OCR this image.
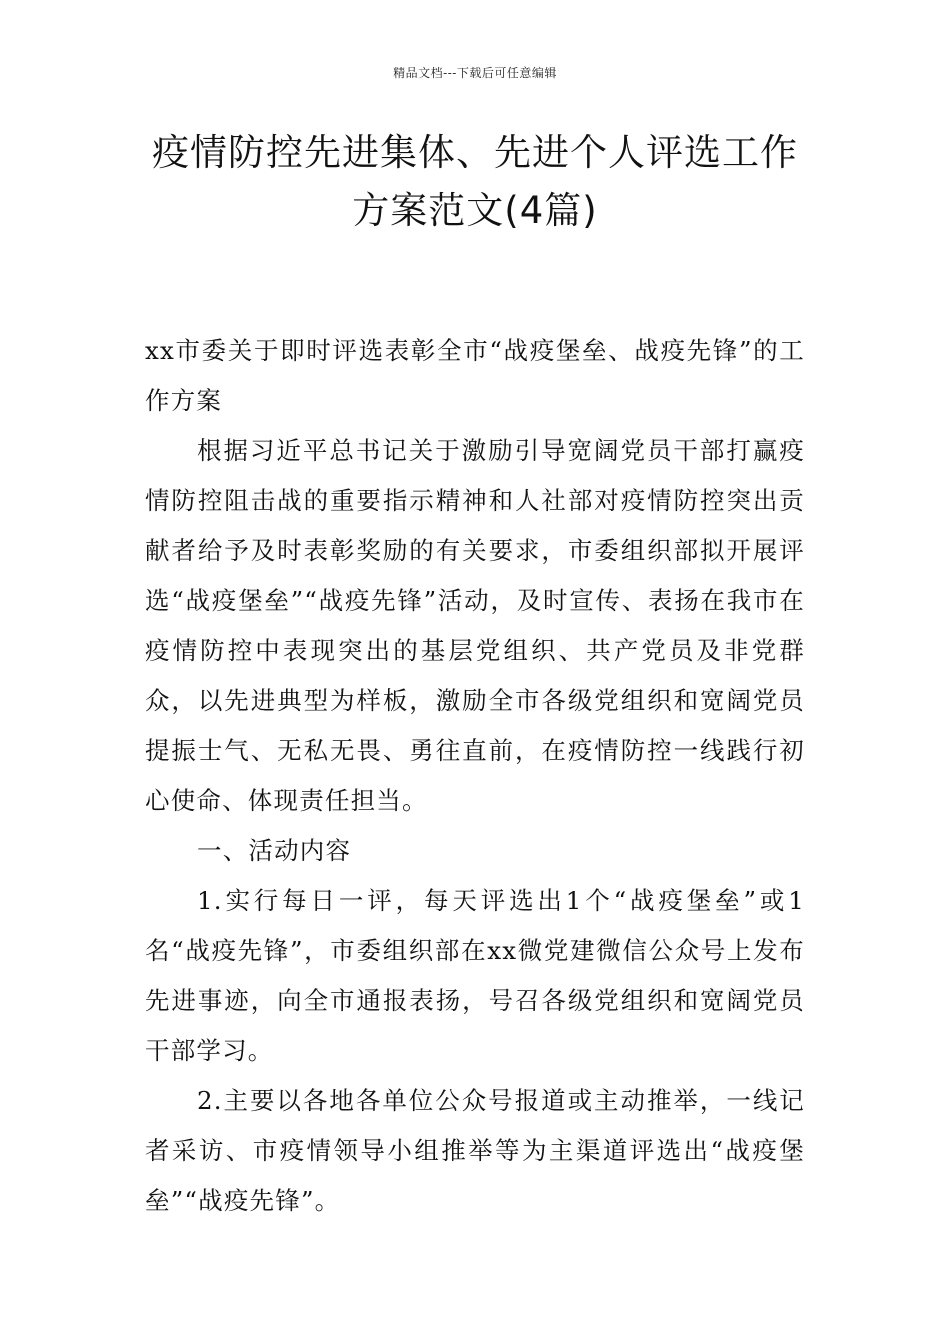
精品文档---下载后可任意编辑
疫情防控先进集体、先进个人评选工作
方案范文(4篇)

xx市委关于即时评选表彰全市“战疫堡垒、战疫先锋”的工作方案

根据习近平总书记关于激励引导宽阔党员干部打赢疫情防控阻击战的重要指示精神和人社部对疫情防控突出贡献者给予及时表彰奖励的有关要求，市委组织部拟开展评选“战疫堡垒”“战疫先锋”活动，及时宣传、表扬在我市在疫情防控中表现突出的基层党组织、共产党员及非党群众，以先进典型为样板，激励全市各级党组织和宽阔党员提振士气、无私无畏、勇往直前，在疫情防控一线践行初心使命、体现责任担当。

一、活动内容

1.实行每日一评，每天评选出1个“战疫堡垒”或1名“战疫先锋”，市委组织部在xx微党建微信公众号上发布先进事迹，向全市通报表扬，号召各级党组织和宽阔党员干部学习。

2.主要以各地各单位公众号报道或主动推举，一线记者采访、市疫情领导小组推举等为主渠道评选出“战疫堡垒”“战疫先锋”。
